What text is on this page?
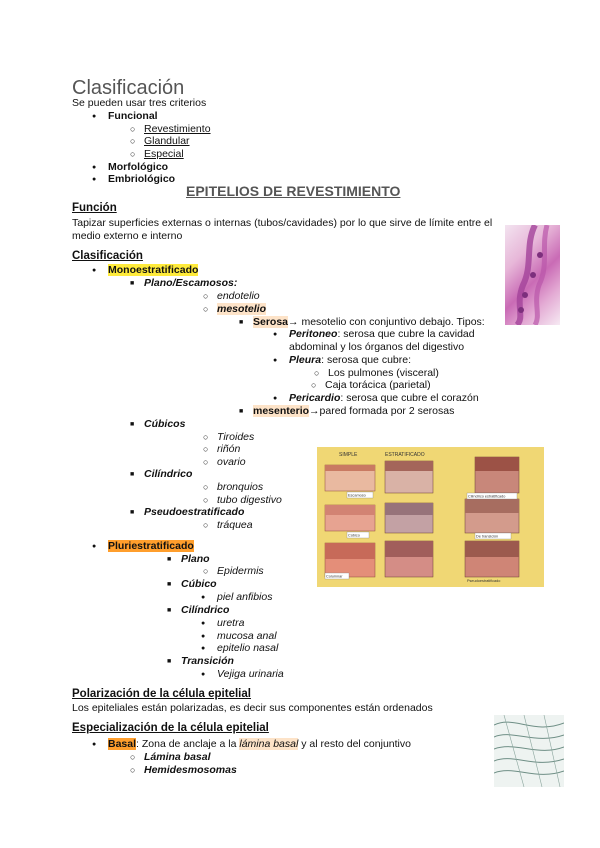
Clasificación
Se pueden usar tres criterios
● Funcional
○ Revestimiento
○ Glandular
○ Especial
● Morfológico
● Embriológico
EPITELIOS DE REVESTIMIENTO
Función
Tapizar superficies externas o internas (tubos/cavidades) por lo que sirve de límite entre el
medio externo e interno
Clasificación
● Monoestratificado
■ Plano/Escamosos:
○ endotelio
○ mesotelio
■ Serosa→ mesotelio con conjuntivo debajo. Tipos:
● Peritoneo: serosa que cubre la cavidad
abdominal y los órganos del digestivo
● Pleura: serosa que cubre:
○ Los pulmones (visceral)
○ Caja torácica (parietal)
● Pericardio: serosa que cubre el corazón
■ mesenterio→pared formada por 2 serosas
■ Cúbicos
○ Tiroides
○ riñón
○ ovario
■ Cilíndrico
○ bronquios
○ tubo digestivo
■ Pseudoestratificado
○ tráquea
● Pluriestratificado
■ Plano
○ Epidermis
■ Cúbico
● piel anfibios
■ Cilíndrico
● uretra
● mucosa anal
● epitelio nasal
■ Transición
● Vejiga urinaria
SIMPLE	ESTRATIFICADO
Escamoso
Cúbico
Cilíndrico estratificado
De transición
Columnar
Pseudoestratificado
Polarización de la célula epitelial
Los epiteliales están polarizadas, es decir sus componentes están ordenados
Especialización de la célula epitelial
● Basal: Zona de anclaje a la lámina basal y al resto del conjuntivo
○ Lámina basal
○ Hemidesmosomas
